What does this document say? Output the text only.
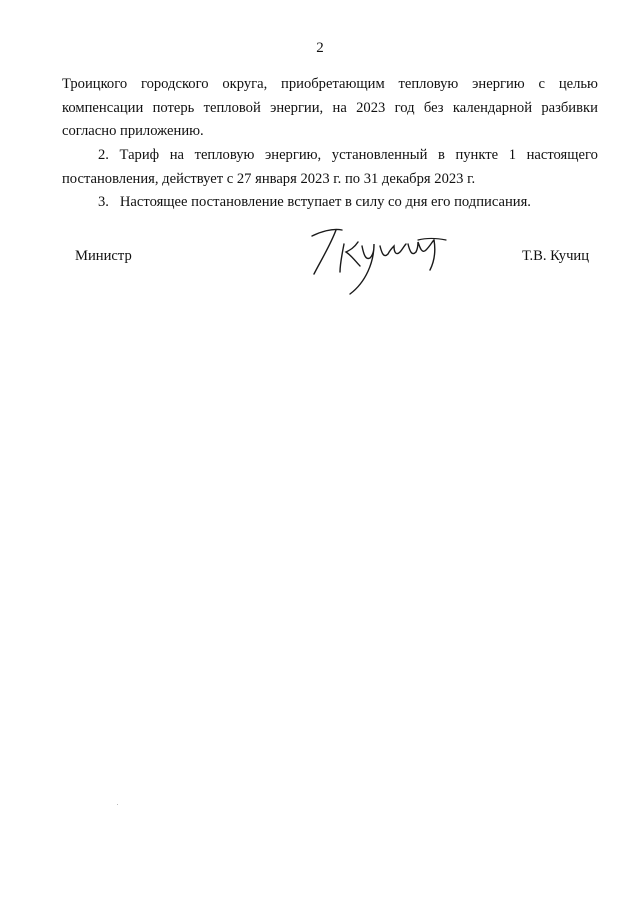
2
Троицкого городского округа, приобретающим тепловую энергию с целью
компенсации потерь тепловой энергии, на 2023 год без календарной разбивки
согласно приложению.
2. Тариф на тепловую энергию, установленный в пункте 1 настоящего
постановления, действует с 27 января 2023 г. по 31 декабря 2023 г.
3.   Настоящее постановление вступает в силу со дня его подписания.
Министр	Т.В. Кучиц
